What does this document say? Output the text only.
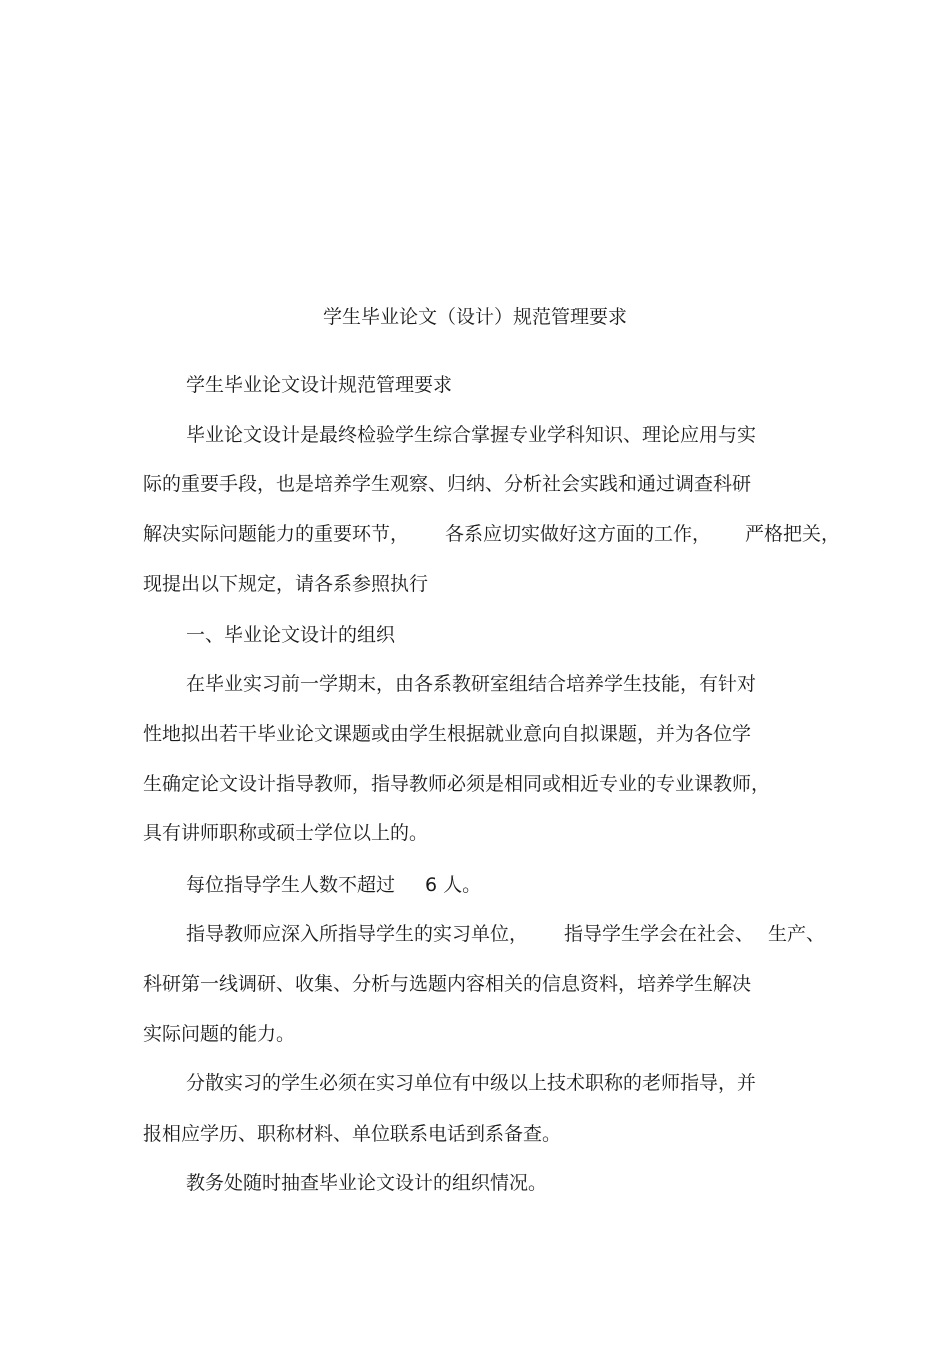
学生毕业论文（设计）规范管理要求
学生毕业论文设计规范管理要求
毕业论文设计是最终检验学生综合掌握专业学科知识、理论应用与实
际的重要手段，也是培养学生观察、归纳、分析社会实践和通过调查科研
解决实际问题能力的重要环节， 各系应切实做好这方面的工作， 严格把关，
现提出以下规定，请各系参照执行
一、毕业论文设计的组织
在毕业实习前一学期末，由各系教研室组结合培养学生技能，有针对
性地拟出若干毕业论文课题或由学生根据就业意向自拟课题，并为各位学
生确定论文设计指导教师，指导教师必须是相同或相近专业的专业课教师，
具有讲师职称或硕士学位以上的。
每位指导学生人数不超过 6 人。
指导教师应深入所指导学生的实习单位， 指导学生学会在社会、 生产、
科研第一线调研、收集、分析与选题内容相关的信息资料，培养学生解决
实际问题的能力。
分散实习的学生必须在实习单位有中级以上技术职称的老师指导，并
报相应学历、职称材料、单位联系电话到系备查。
教务处随时抽查毕业论文设计的组织情况。
